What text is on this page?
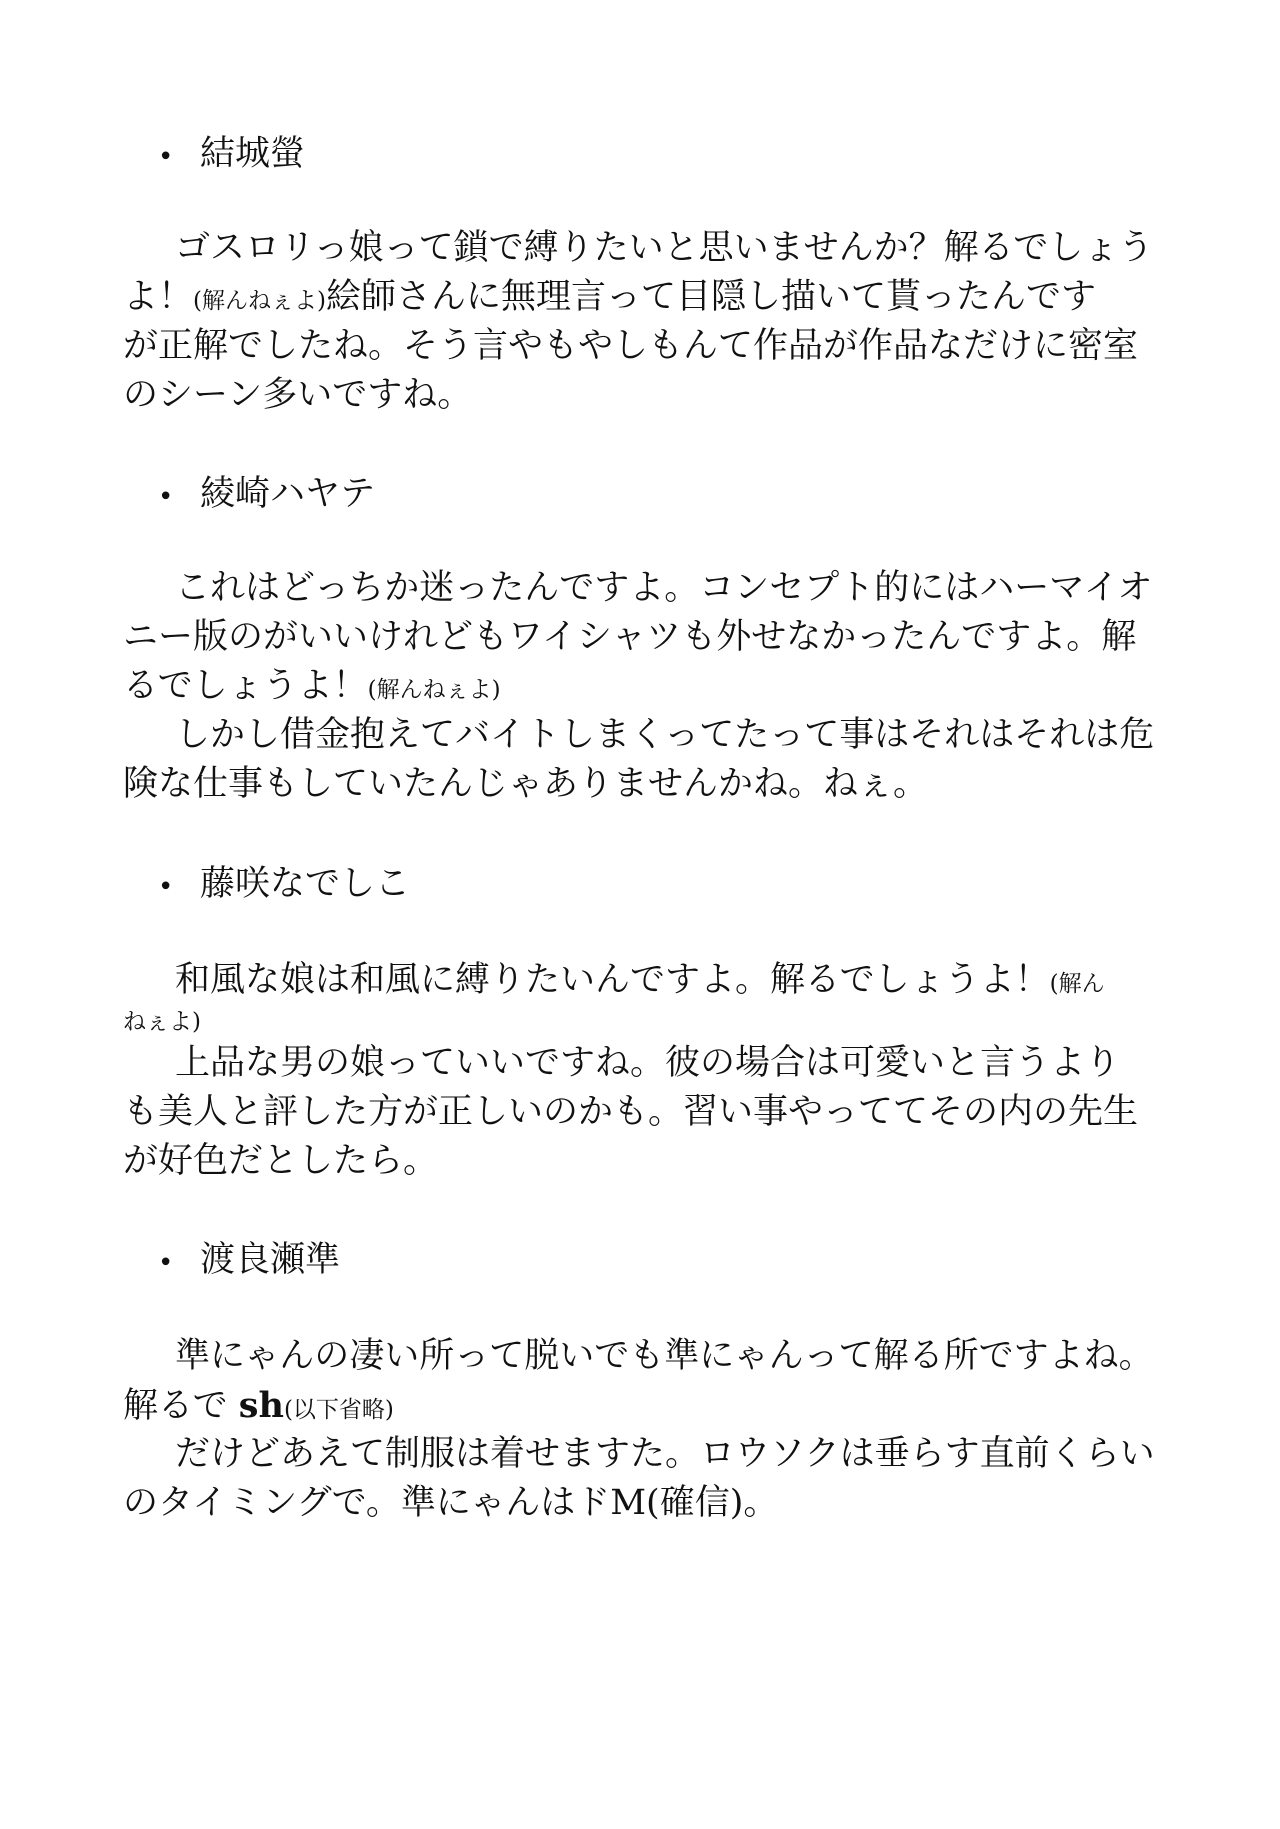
• 結城螢
ゴスロリっ娘って鎖で縛りたいと思いませんか？解るでしょう
よ！(解んねぇよ)絵師さんに無理言って目隠し描いて貰ったんです
が正解でしたね。そう言やもやしもんて作品が作品なだけに密室
のシーン多いですね。
• 綾崎ハヤテ
これはどっちか迷ったんですよ。コンセプト的にはハーマイオ
ニー版のがいいけれどもワイシャツも外せなかったんですよ。解
るでしょうよ！(解んねぇよ)
しかし借金抱えてバイトしまくってたって事はそれはそれは危
険な仕事もしていたんじゃありませんかね。ねぇ。
• 藤咲なでしこ
和風な娘は和風に縛りたいんですよ。解るでしょうよ！(解ん
ねぇよ)
上品な男の娘っていいですね。彼の場合は可愛いと言うより
も美人と評した方が正しいのかも。習い事やっててその内の先生
が好色だとしたら。
• 渡良瀬準
準にゃんの凄い所って脱いでも準にゃんって解る所ですよね。
解るで sh(以下省略)
だけどあえて制服は着せますた。ロウソクは垂らす直前くらい
のタイミングで。準にゃんはドM(確信)。
